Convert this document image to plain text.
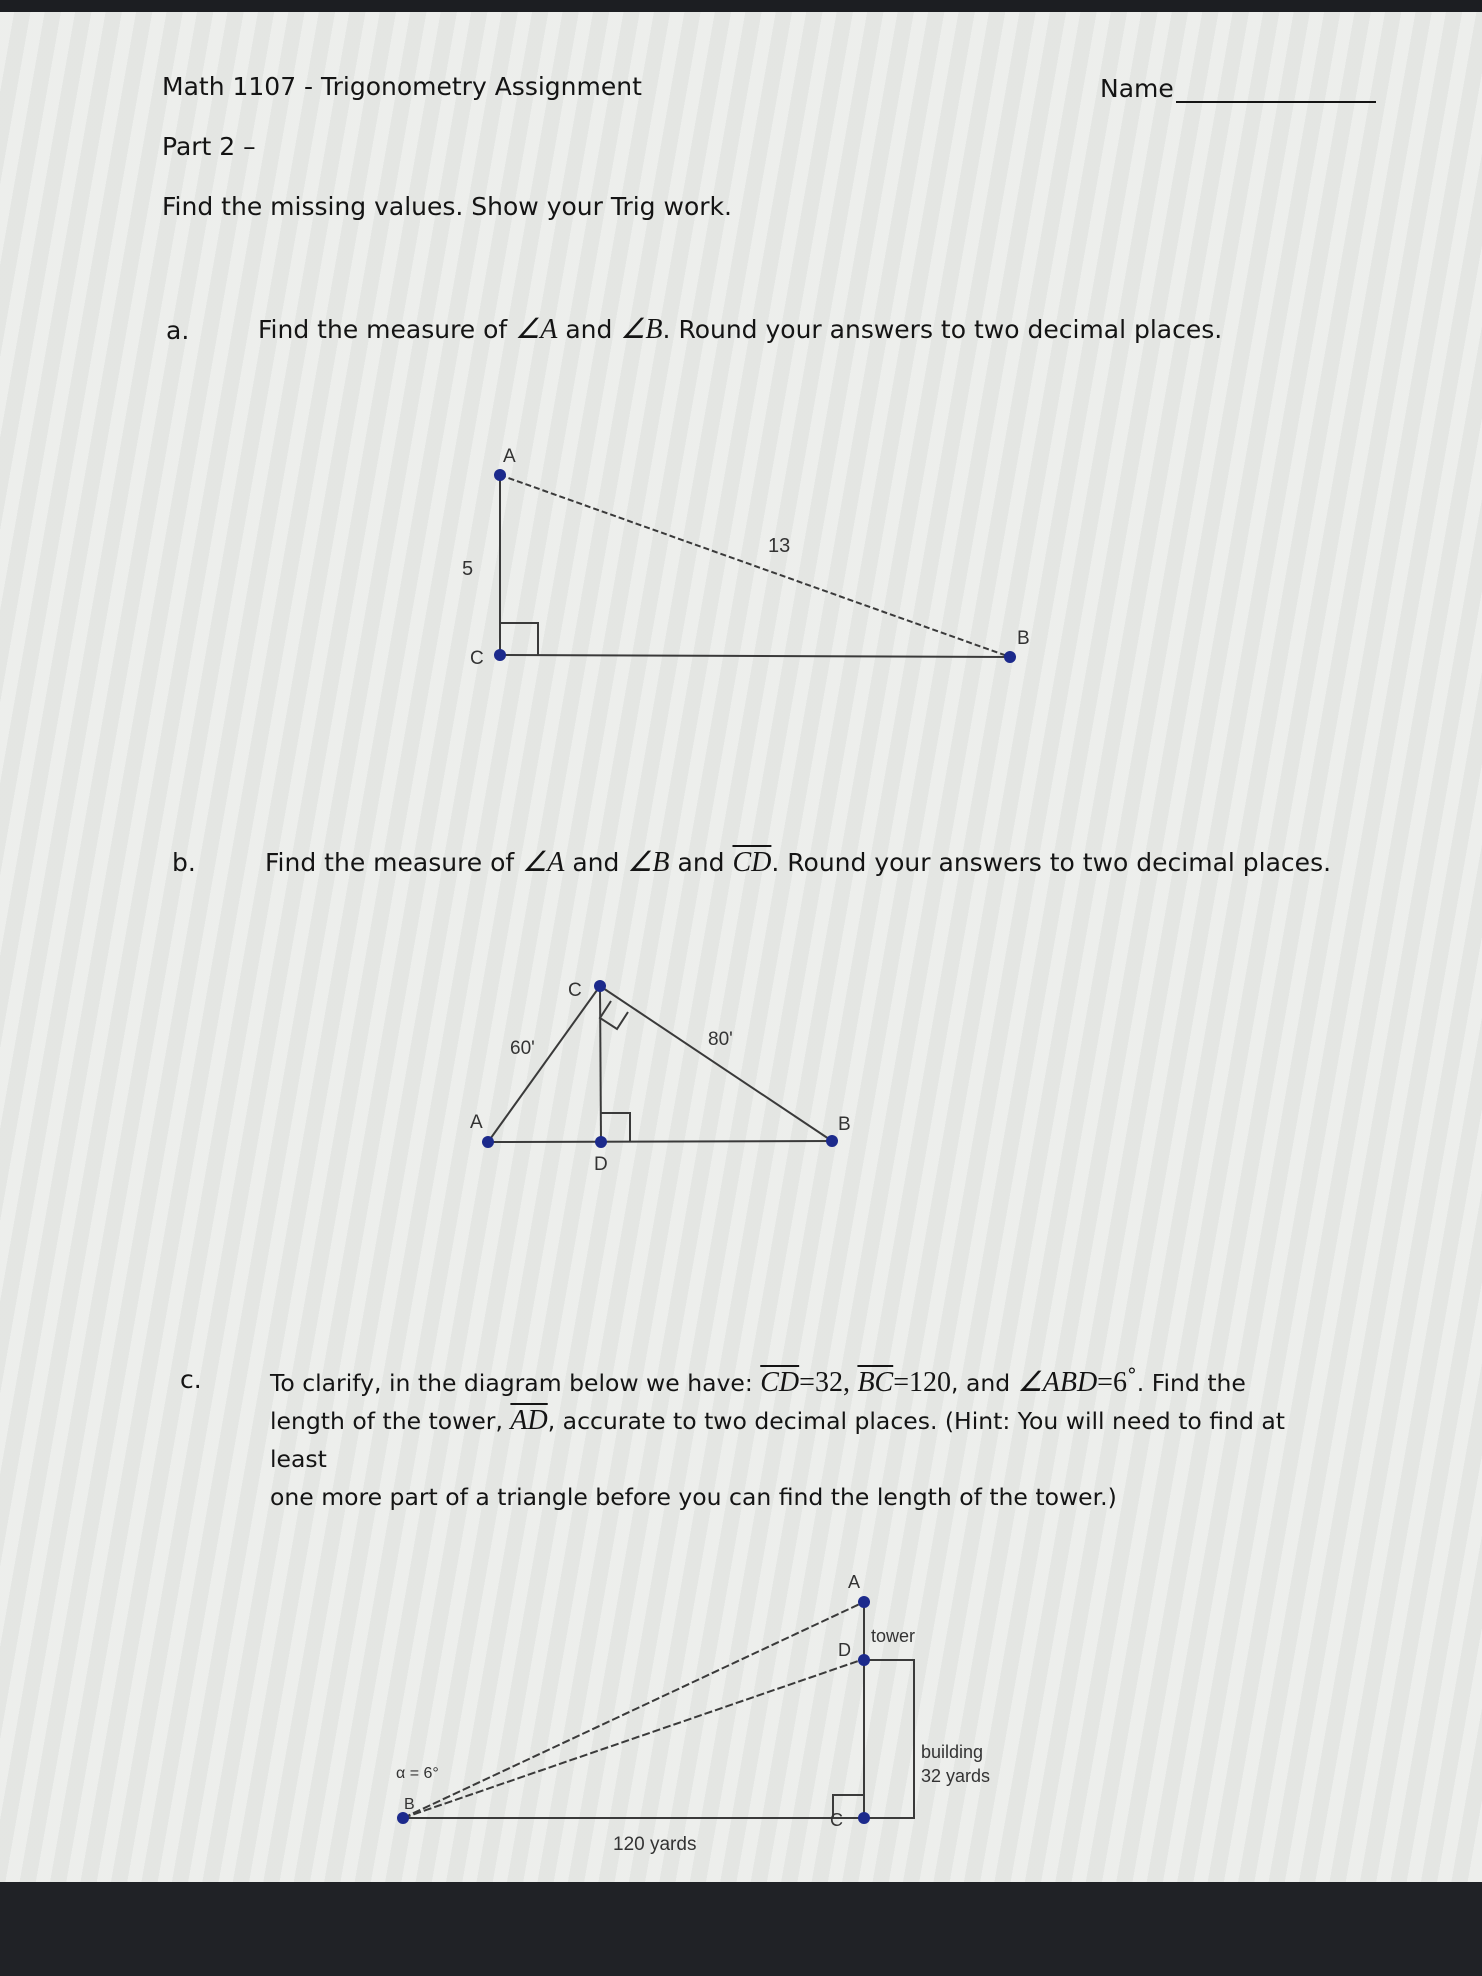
Math 1107 - Trigonometry Assignment	Name
Part 2 –
Find the missing values. Show your Trig work.
a.	Find the measure of ∠A and ∠B. Round your answers to two decimal places.
A
C
B
5
13
A
C
D
B
60'	80'
A
D
C
B
α = 6°
tower
building
32 yards
120 yards
b.	Find the measure of ∠A and ∠B and $\overline{CD}$. Round your answers to two decimal places.
c.	To clarify, in the diagram below we have: $\overline{CD}=32$, $\overline{BC}=120$, and ∠ABD=6°. Find the
length of the tower, $\overline{AD}$, accurate to two decimal places. (Hint: You will need to find at least
one more part of a triangle before you can find the length of the tower.)
